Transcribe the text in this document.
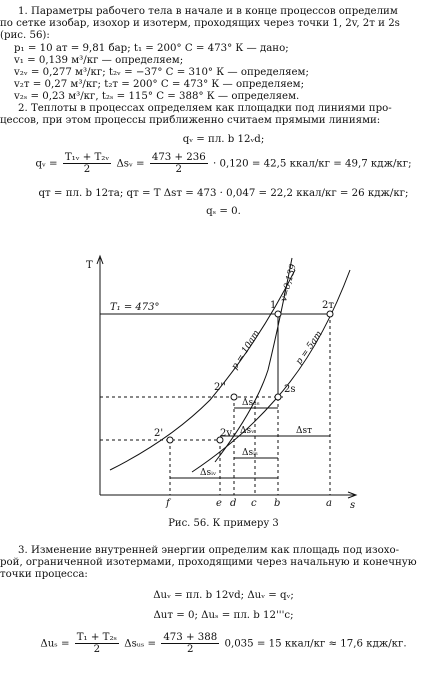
1. Параметры рабочего тела в начале и в конце процессов определим
по сетке изобар, изохор и изотерм, проходящих через точки 1, 2v, 2т и 2s
(рис. 56):
p₁ = 10 ат = 9,81 бар; t₁ = 200° С = 473° К — дано;
v₁ = 0,139 м³/кг — определяем;
v₂ᵥ = 0,277 м³/кг; t₂ᵥ = −37° С = 310° К — определяем;
v₂т = 0,27 м³/кг; t₂т = 200° С = 473° К — определяем;
v₂ₛ = 0,23 м³/кг, t₂ₛ = 115° С = 388° К — определяем.
2. Теплоты в процессах определяем как площадки под линиями про-
цессов, при этом процессы приближенно считаем прямыми линиями:
qᵥ = пл. b 12ᵥd;
qᵥ = $\frac{\text{T₁ᵥ + T₂ᵥ}}{2}$ Δsᵥ = $\frac{473 + 236}{2} \cdot 0,120 = 42,5$ ккал/кг = 49,7 кдж/кг;
qт = пл. b 12тa; qт = T Δsт = 473 · 0,047 = 22,2 ккал/кг = 26 кдж/кг;
qₛ = 0.
T
s
T₁ = 473°
v=0,139
p = 10ат	p = 5ат
1	2т
2''	2s
2'	2v
Δsᵤₛ
Δsᵥ	Δsт
Δsᵢₛ
Δsᵢᵥ
f	e d c b	a
Рис. 56. К примеру 3
3. Изменение внутренней энергии определим как площадь под изохо-
рой, ограниченной изотермами, проходящими через начальную и конечную
точки процесса:
Δuᵥ = пл. b 12vd; Δuᵥ = qᵥ;
Δuт = 0; Δuₛ = пл. b 12'''c;
$\Delta u_s = \frac{\text{T₁ + T₂ₛ}}{2}$ Δsᵤₛ = $\frac{473 + 388}{2} 0,035 = 15$ ккал/кг ≈ 17,6 кдж/кг.
